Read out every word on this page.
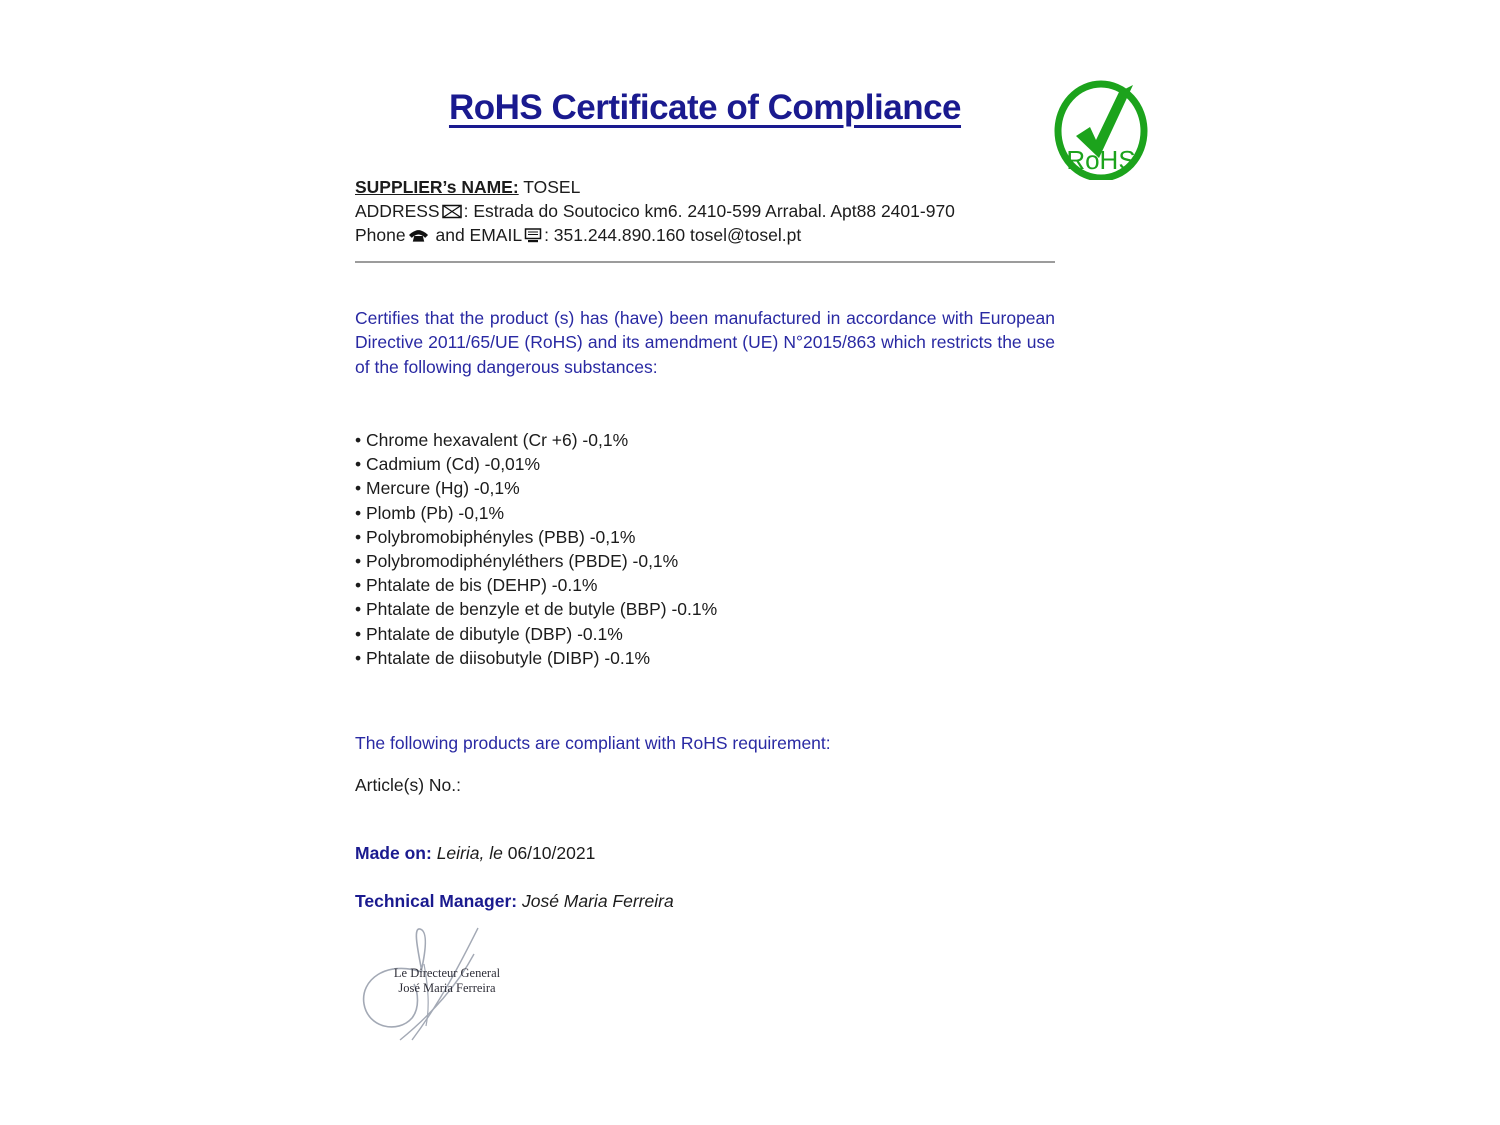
RoHS Certificate of Compliance
RoHS
SUPPLIER’s NAME: TOSEL
ADDRESS : Estrada do Soutocico km6. 2410-599 Arrabal. Apt88 2401-970
Phone and EMAIL : 351.244.890.160 tosel@tosel.pt
Certifies that the product (s) has (have) been manufactured in accordance with European Directive 2011/65/UE (RoHS) and its amendment (UE) N°2015/863 which restricts the use of the following dangerous substances:
• Chrome hexavalent (Cr +6) -0,1%
• Cadmium (Cd) -0,01%
• Mercure (Hg) -0,1%
• Plomb (Pb) -0,1%
• Polybromobiphényles (PBB) -0,1%
• Polybromodiphényléthers (PBDE) -0,1%
• Phtalate de bis (DEHP) -0.1%
• Phtalate de benzyle et de butyle (BBP) -0.1%
• Phtalate de dibutyle (DBP) -0.1%
• Phtalate de diisobutyle (DIBP) -0.1%
The following products are compliant with RoHS requirement:
Article(s) No.:
Made on: Leiria, le 06/10/2021
Technical Manager: José Maria Ferreira
Le Directeur General
José Maria Ferreira
